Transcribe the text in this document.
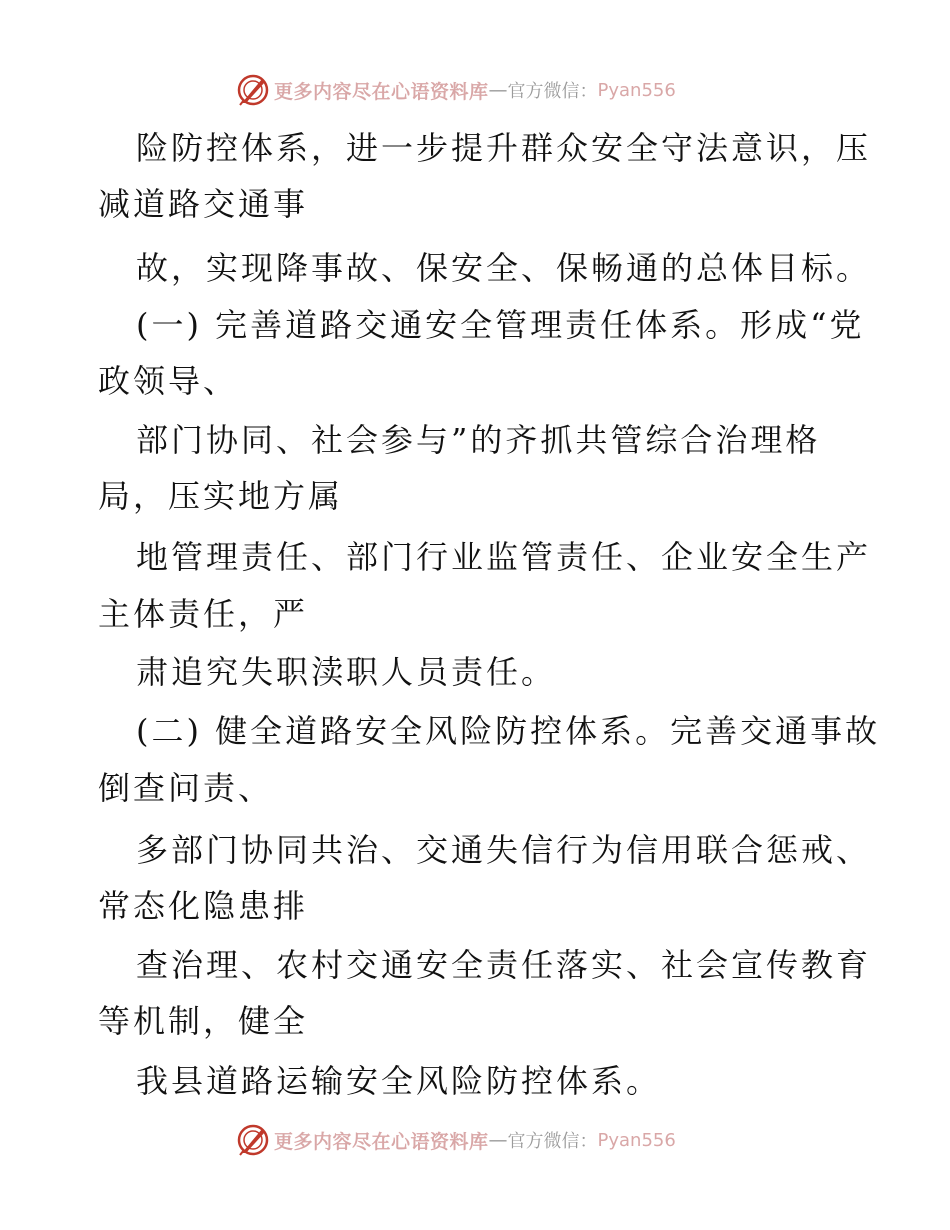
更多内容尽在心语资料库 — 官方微信： Pyan556
险防控体系，进一步提升群众安全守法意识，压
减道路交通事
故，实现降事故、保安全、保畅通的总体目标。
(一) 完善道路交通安全管理责任体系。形成“党
政领导、
部门协同、社会参与”的齐抓共管综合治理格
局，压实地方属
地管理责任、部门行业监管责任、企业安全生产
主体责任，严
肃追究失职渎职人员责任。
(二) 健全道路安全风险防控体系。完善交通事故
倒查问责、
多部门协同共治、交通失信行为信用联合惩戒、
常态化隐患排
查治理、农村交通安全责任落实、社会宣传教育
等机制，健全
我县道路运输安全风险防控体系。
更多内容尽在心语资料库 — 官方微信： Pyan556
